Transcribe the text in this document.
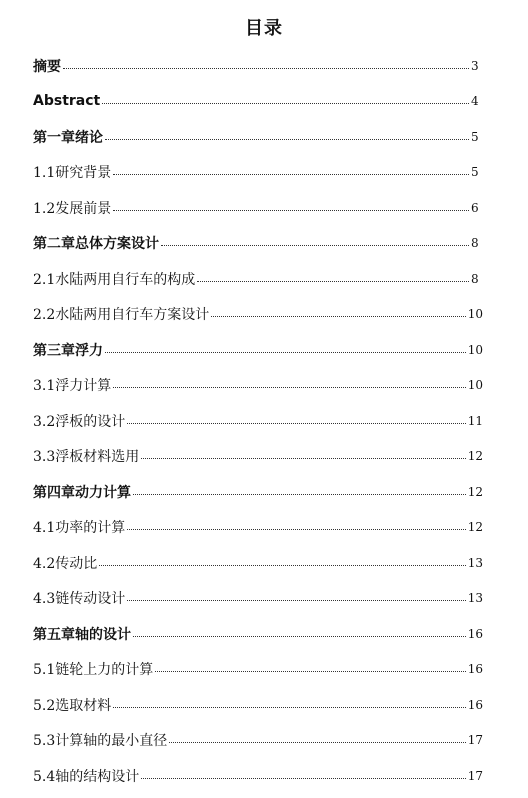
目录
摘要	3
Abstract	4
第一章绪论	5
1.1研究背景	5
1.2发展前景	6
第二章总体方案设计	8
2.1水陆两用自行车的构成	8
2.2水陆两用自行车方案设计	10
第三章浮力	10
3.1浮力计算	10
3.2浮板的设计	11
3.3浮板材料选用	12
第四章动力计算	12
4.1功率的计算	12
4.2传动比	13
4.3链传动设计	13
第五章轴的设计	16
5.1链轮上力的计算	16
5.2选取材料	16
5.3计算轴的最小直径	17
5.4轴的结构设计	17
